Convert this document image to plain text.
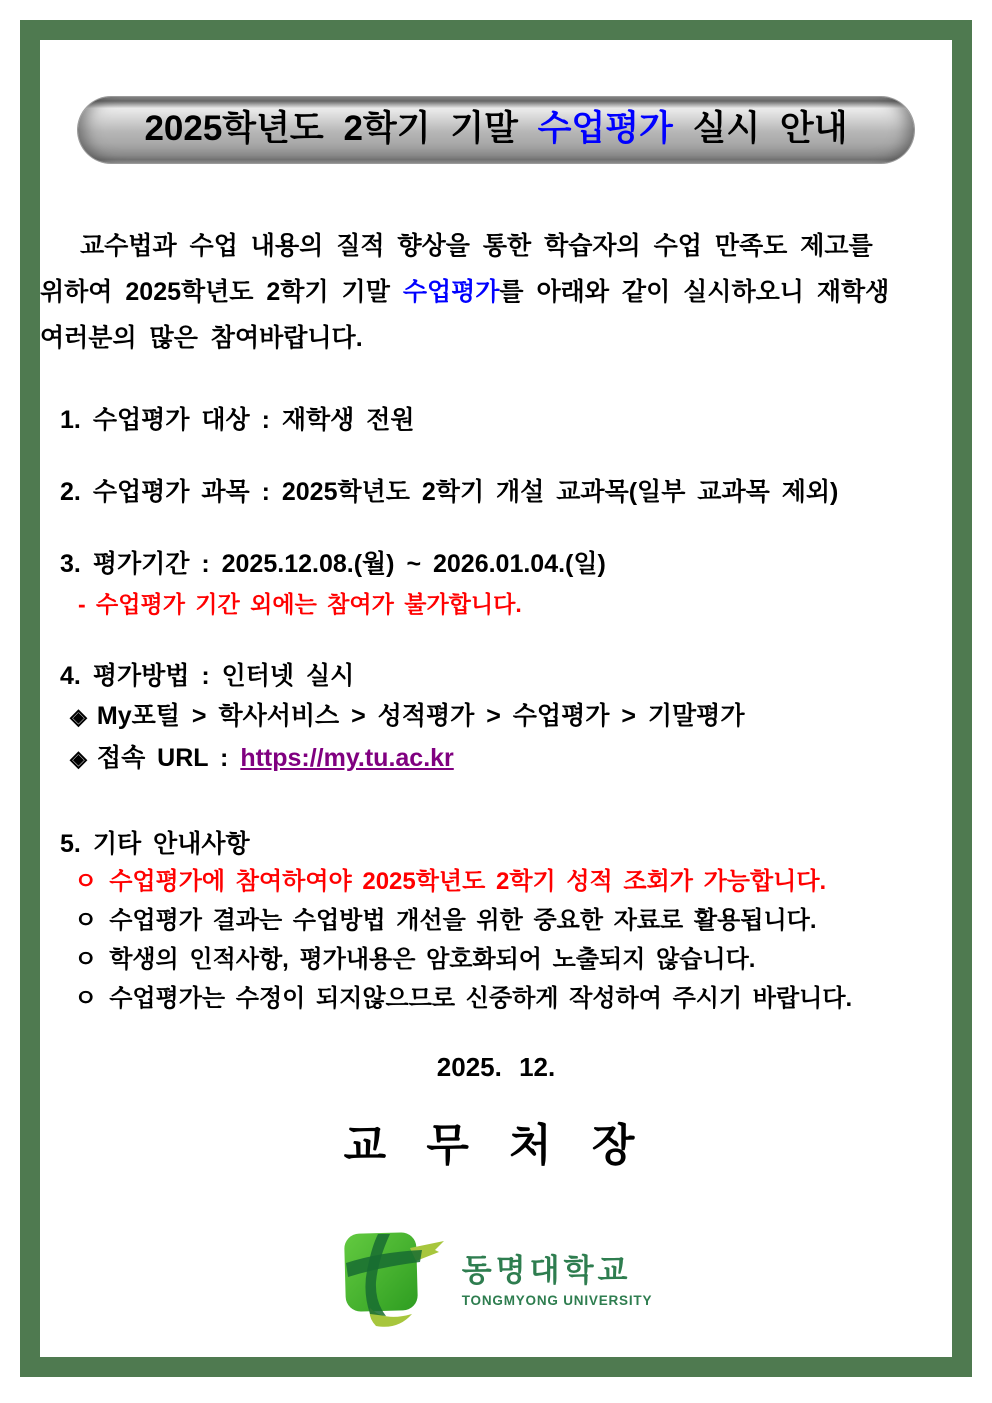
2025학년도 2학기 기말 수업평가 실시 안내
교수법과 수업 내용의 질적 향상을 통한 학습자의 수업 만족도 제고를
위하여 2025학년도 2학기 기말 수업평가를 아래와 같이 실시하오니 재학생
여러분의 많은 참여바랍니다.
1. 수업평가 대상 : 재학생 전원
2. 수업평가 과목 : 2025학년도 2학기 개설 교과목(일부 교과목 제외)
3. 평가기간 : 2025.12.08.(월) ~ 2026.01.04.(일)
- 수업평가 기간 외에는 참여가 불가합니다.
4. 평가방법 : 인터넷 실시
◈ My포털 > 학사서비스 > 성적평가 > 수업평가 > 기말평가
◈ 접속 URL : https://my.tu.ac.kr
5. 기타 안내사항
ㅇ 수업평가에 참여하여야 2025학년도 2학기 성적 조회가 가능합니다.
ㅇ 수업평가 결과는 수업방법 개선을 위한 중요한 자료로 활용됩니다.
ㅇ 학생의 인적사항, 평가내용은 암호화되어 노출되지 않습니다.
ㅇ 수업평가는 수정이 되지않으므로 신중하게 작성하여 주시기 바랍니다.
2025. 12.
교 무 처 장
동명대학교
TONGMYONG UNIVERSITY
